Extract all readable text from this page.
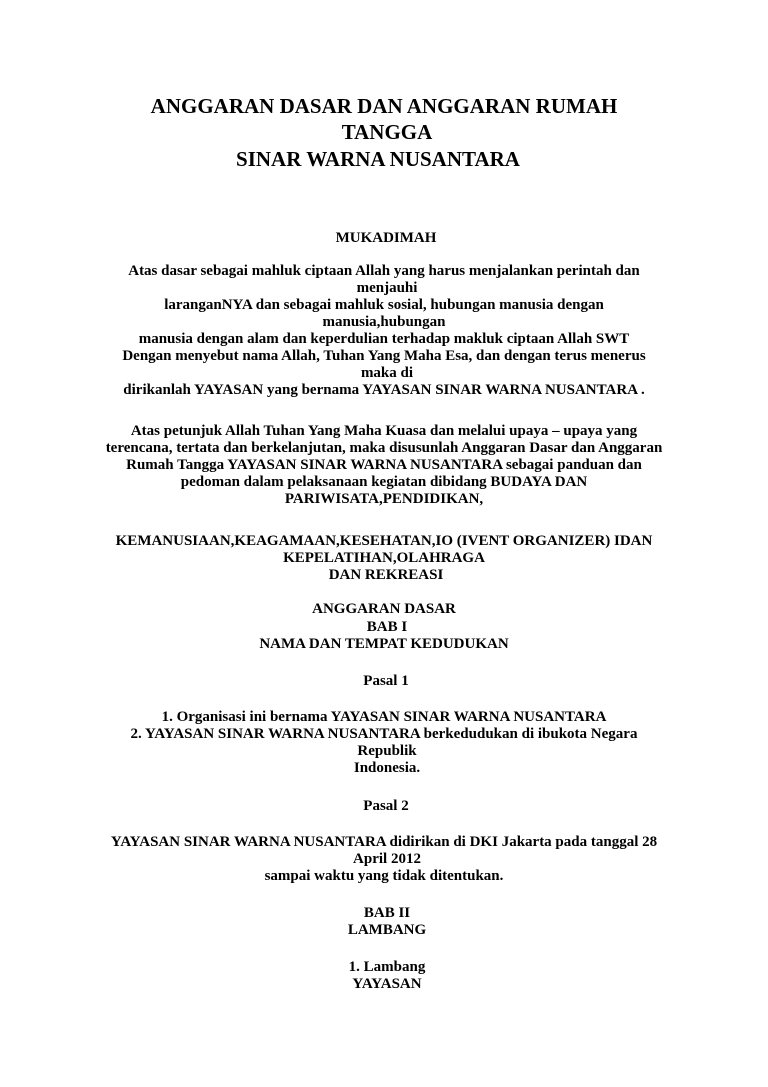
ANGGARAN DASAR DAN ANGGARAN RUMAH
TANGGA
SINAR WARNA NUSANTARA
MUKADIMAH
Atas dasar sebagai mahluk ciptaan Allah yang harus menjalankan perintah dan
menjauhi
laranganNYA dan sebagai mahluk sosial, hubungan manusia dengan
manusia,hubungan
manusia dengan alam dan keperdulian terhadap makluk ciptaan Allah SWT
Dengan menyebut nama Allah, Tuhan Yang Maha Esa, dan dengan terus menerus
maka di
dirikanlah YAYASAN yang bernama YAYASAN SINAR WARNA NUSANTARA .
Atas petunjuk Allah Tuhan Yang Maha Kuasa dan melalui upaya – upaya yang
terencana, tertata dan berkelanjutan, maka disusunlah Anggaran Dasar dan Anggaran
Rumah Tangga YAYASAN SINAR WARNA NUSANTARA sebagai panduan dan
pedoman dalam pelaksanaan kegiatan dibidang BUDAYA DAN
PARIWISATA,PENDIDIKAN,
KEMANUSIAAN,KEAGAMAAN,KESEHATAN,IO (IVENT ORGANIZER) IDAN
KEPELATIHAN,OLAHRAGA
DAN REKREASI
ANGGARAN DASAR
BAB I
NAMA DAN TEMPAT KEDUDUKAN
Pasal 1
1. Organisasi ini bernama YAYASAN SINAR WARNA NUSANTARA
2. YAYASAN SINAR WARNA NUSANTARA berkedudukan di ibukota Negara
Republik
Indonesia.
Pasal 2
YAYASAN SINAR WARNA NUSANTARA didirikan di DKI Jakarta pada tanggal 28
April 2012
sampai waktu yang tidak ditentukan.
BAB II
LAMBANG
1. Lambang
YAYASAN
